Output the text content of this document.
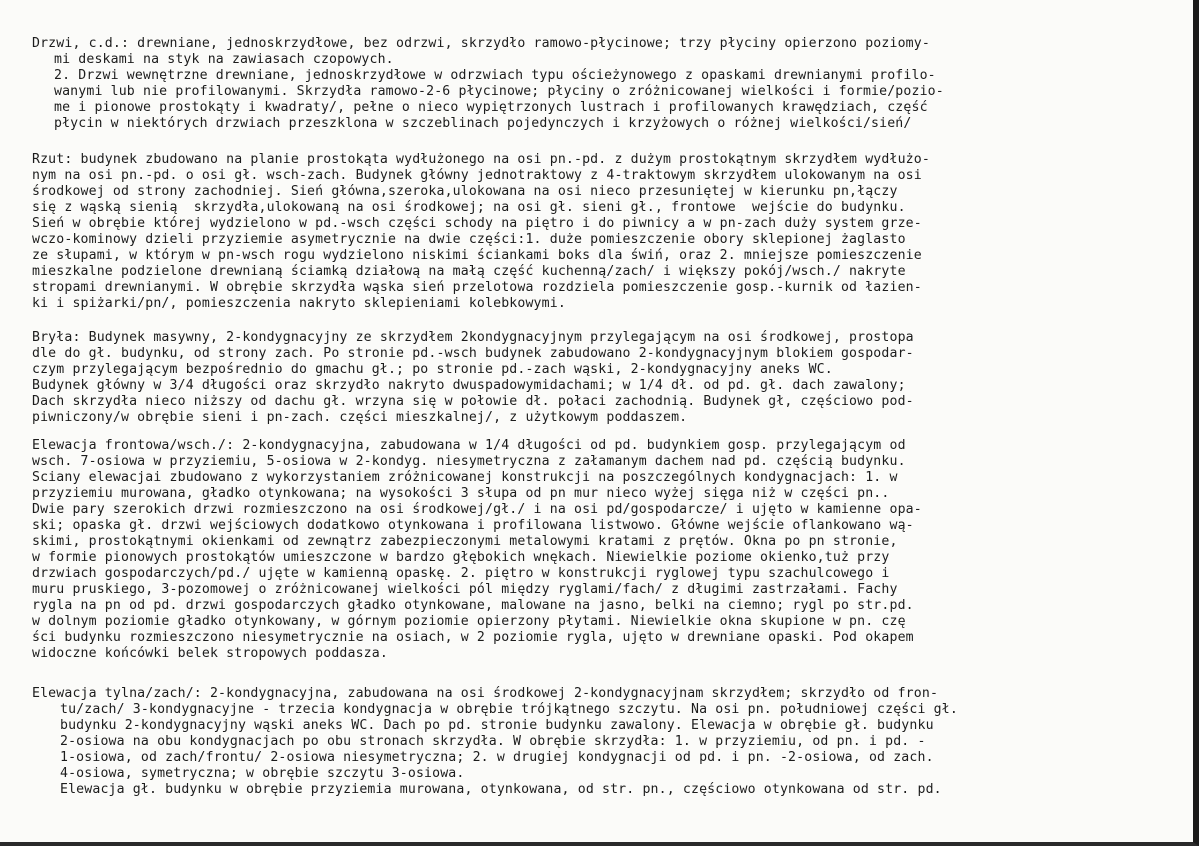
Drzwi, c.d.: drewniane, jednoskrzydłowe, bez odrzwi, skrzydło ramowo-płycinowe; trzy płyciny opierzono poziomy-
mi deskami na styk na zawiasach czopowych.
2. Drzwi wewnętrzne drewniane, jednoskrzydłowe w odrzwiach typu ościeżynowego z opaskami drewnianymi profilo-
wanymi lub nie profilowanymi. Skrzydła ramowo-2-6 płycinowe; płyciny o zróżnicowanej wielkości i formie/pozio-
me i pionowe prostokąty i kwadraty/, pełne o nieco wypiętrzonych lustrach i profilowanych krawędziach, część
płycin w niektórych drzwiach przeszklona w szczeblinach pojedynczych i krzyżowych o różnej wielkości/sień/
Rzut: budynek zbudowano na planie prostokąta wydłużonego na osi pn.-pd. z dużym prostokątnym skrzydłem wydłużo-
nym na osi pn.-pd. o osi gł. wsch-zach. Budynek główny jednotraktowy z 4-traktowym skrzydłem ulokowanym na osi
środkowej od strony zachodniej. Sień główna,szeroka,ulokowana na osi nieco przesuniętej w kierunku pn,łączy
się z wąską sienią  skrzydła,ulokowaną na osi środkowej; na osi gł. sieni gł., frontowe  wejście do budynku.
Sień w obrębie której wydzielono w pd.-wsch części schody na piętro i do piwnicy a w pn-zach duży system grze-
wczo-kominowy dzieli przyziemie asymetrycznie na dwie części:1. duże pomieszczenie obory sklepionej żaglasto
ze słupami, w którym w pn-wsch rogu wydzielono niskimi ściankami boks dla świń, oraz 2. mniejsze pomieszczenie
mieszkalne podzielone drewnianą ściamką działową na małą część kuchenną/zach/ i większy pokój/wsch./ nakryte
stropami drewnianymi. W obrębie skrzydła wąska sień przelotowa rozdziela pomieszczenie gosp.-kurnik od łazien-
ki i spiżarki/pn/, pomieszczenia nakryto sklepieniami kolebkowymi.
Bryła: Budynek masywny, 2-kondygnacyjny ze skrzydłem 2kondygnacyjnym przylegającym na osi środkowej, prostopa
dle do gł. budynku, od strony zach. Po stronie pd.-wsch budynek zabudowano 2-kondygnacyjnym blokiem gospodar-
czym przylegającym bezpośrednio do gmachu gł.; po stronie pd.-zach wąski, 2-kondygnacyjny aneks WC.
Budynek główny w 3/4 długości oraz skrzydło nakryto dwuspadowymidachami; w 1/4 dł. od pd. gł. dach zawalony;
Dach skrzydła nieco niższy od dachu gł. wrzyna się w połowie dł. połaci zachodnią. Budynek gł, częściowo pod-
piwniczony/w obrębie sieni i pn-zach. części mieszkalnej/, z użytkowym poddaszem.
Elewacja frontowa/wsch./: 2-kondygnacyjna, zabudowana w 1/4 długości od pd. budynkiem gosp. przylegającym od
wsch. 7-osiowa w przyziemiu, 5-osiowa w 2-kondyg. niesymetryczna z załamanym dachem nad pd. częścią budynku.
Ściany elewacjai zbudowano z wykorzystaniem zróżnicowanej konstrukcji na poszczególnych kondygnacjach: 1. w
przyziemiu murowana, gładko otynkowana; na wysokości 3 słupa od pn mur nieco wyżej sięga niż w części pn..
Dwie pary szerokich drzwi rozmieszczono na osi środkowej/gł./ i na osi pd/gospodarcze/ i ujęto w kamienne opa-
ski; opaska gł. drzwi wejściowych dodatkowo otynkowana i profilowana listwowo. Główne wejście oflankowano wą-
skimi, prostokątnymi okienkami od zewnątrz zabezpieczonymi metalowymi kratami z prętów. Okna po pn stronie,
w formie pionowych prostokątów umieszczone w bardzo głębokich wnękach. Niewielkie poziome okienko,tuż przy
drzwiach gospodarczych/pd./ ujęte w kamienną opaskę. 2. piętro w konstrukcji ryglowej typu szachulcowego i
muru pruskiego, 3-pozomowej o zróżnicowanej wielkości pól między ryglami/fach/ z długimi zastrzałami. Fachy
rygla na pn od pd. drzwi gospodarczych gładko otynkowane, malowane na jasno, belki na ciemno; rygl po str.pd.
w dolnym poziomie gładko otynkowany, w górnym poziomie opierzony płytami. Niewielkie okna skupione w pn. czę
ści budynku rozmieszczono niesymetrycznie na osiach, w 2 poziomie rygla, ujęto w drewniane opaski. Pod okapem
widoczne końcówki belek stropowych poddasza.
Elewacja tylna/zach/: 2-kondygnacyjna, zabudowana na osi środkowej 2-kondygnacyjnam skrzydłem; skrzydło od fron-
tu/zach/ 3-kondygnacyjne - trzecia kondygnacja w obrębie trójkątnego szczytu. Na osi pn. południowej części gł.
budynku 2-kondygnacyjny wąski aneks WC. Dach po pd. stronie budynku zawalony. Elewacja w obrębie gł. budynku
2-osiowa na obu kondygnacjach po obu stronach skrzydła. W obrębie skrzydła: 1. w przyziemiu, od pn. i pd. -
1-osiowa, od zach/frontu/ 2-osiowa niesymetryczna; 2. w drugiej kondygnacji od pd. i pn. -2-osiowa, od zach.
4-osiowa, symetryczna; w obrębie szczytu 3-osiowa.
Elewacja gł. budynku w obrębie przyziemia murowana, otynkowana, od str. pn., częściowo otynkowana od str. pd.
